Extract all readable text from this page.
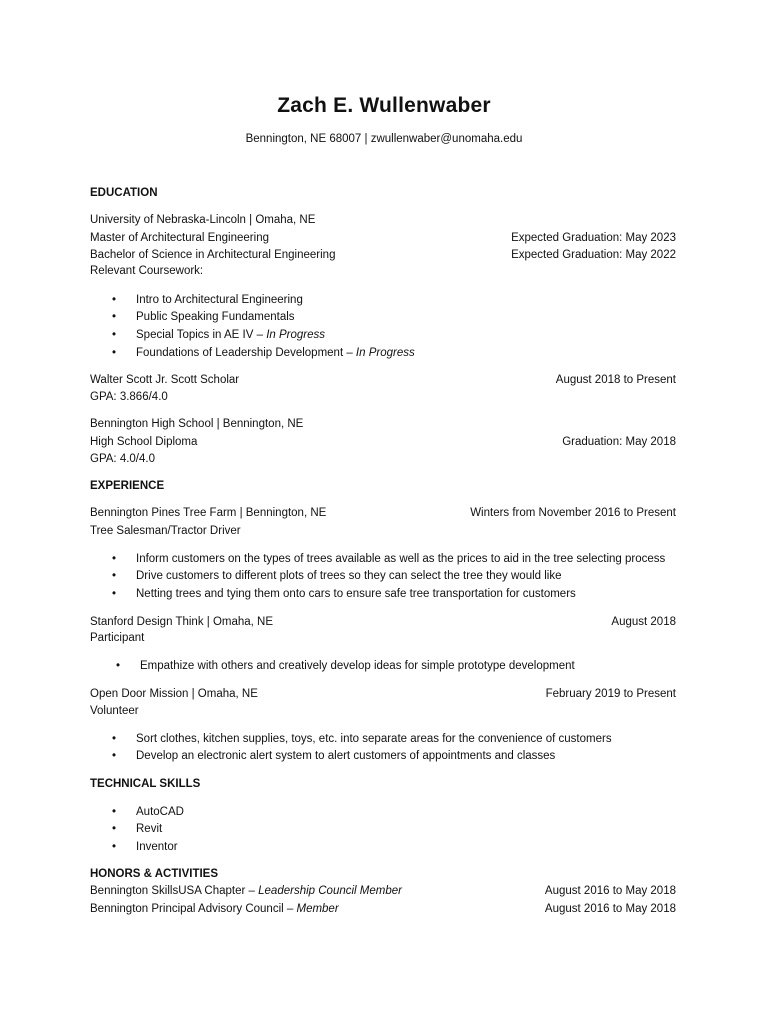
Zach E. Wullenwaber
Bennington, NE 68007 | zwullenwaber@unomaha.edu
EDUCATION
University of Nebraska-Lincoln | Omaha, NE
Master of Architectural Engineering	Expected Graduation: May 2023
Bachelor of Science in Architectural Engineering	Expected Graduation: May 2022
Relevant Coursework:
• Intro to Architectural Engineering
• Public Speaking Fundamentals
• Special Topics in AE IV – In Progress
• Foundations of Leadership Development – In Progress
Walter Scott Jr. Scott Scholar	August 2018 to Present
GPA: 3.866/4.0
Bennington High School | Bennington, NE
High School Diploma	Graduation: May 2018
GPA: 4.0/4.0
EXPERIENCE
Bennington Pines Tree Farm | Bennington, NE	Winters from November 2016 to Present
Tree Salesman/Tractor Driver
• Inform customers on the types of trees available as well as the prices to aid in the tree selecting process
• Drive customers to different plots of trees so they can select the tree they would like
• Netting trees and tying them onto cars to ensure safe tree transportation for customers
Stanford Design Think | Omaha, NE	August 2018
Participant
• Empathize with others and creatively develop ideas for simple prototype development
Open Door Mission | Omaha, NE	February 2019 to Present
Volunteer
• Sort clothes, kitchen supplies, toys, etc. into separate areas for the convenience of customers
• Develop an electronic alert system to alert customers of appointments and classes
TECHNICAL SKILLS
• AutoCAD
• Revit
• Inventor
HONORS & ACTIVITIES
Bennington SkillsUSA Chapter – Leadership Council Member	August 2016 to May 2018
Bennington Principal Advisory Council – Member	August 2016 to May 2018
